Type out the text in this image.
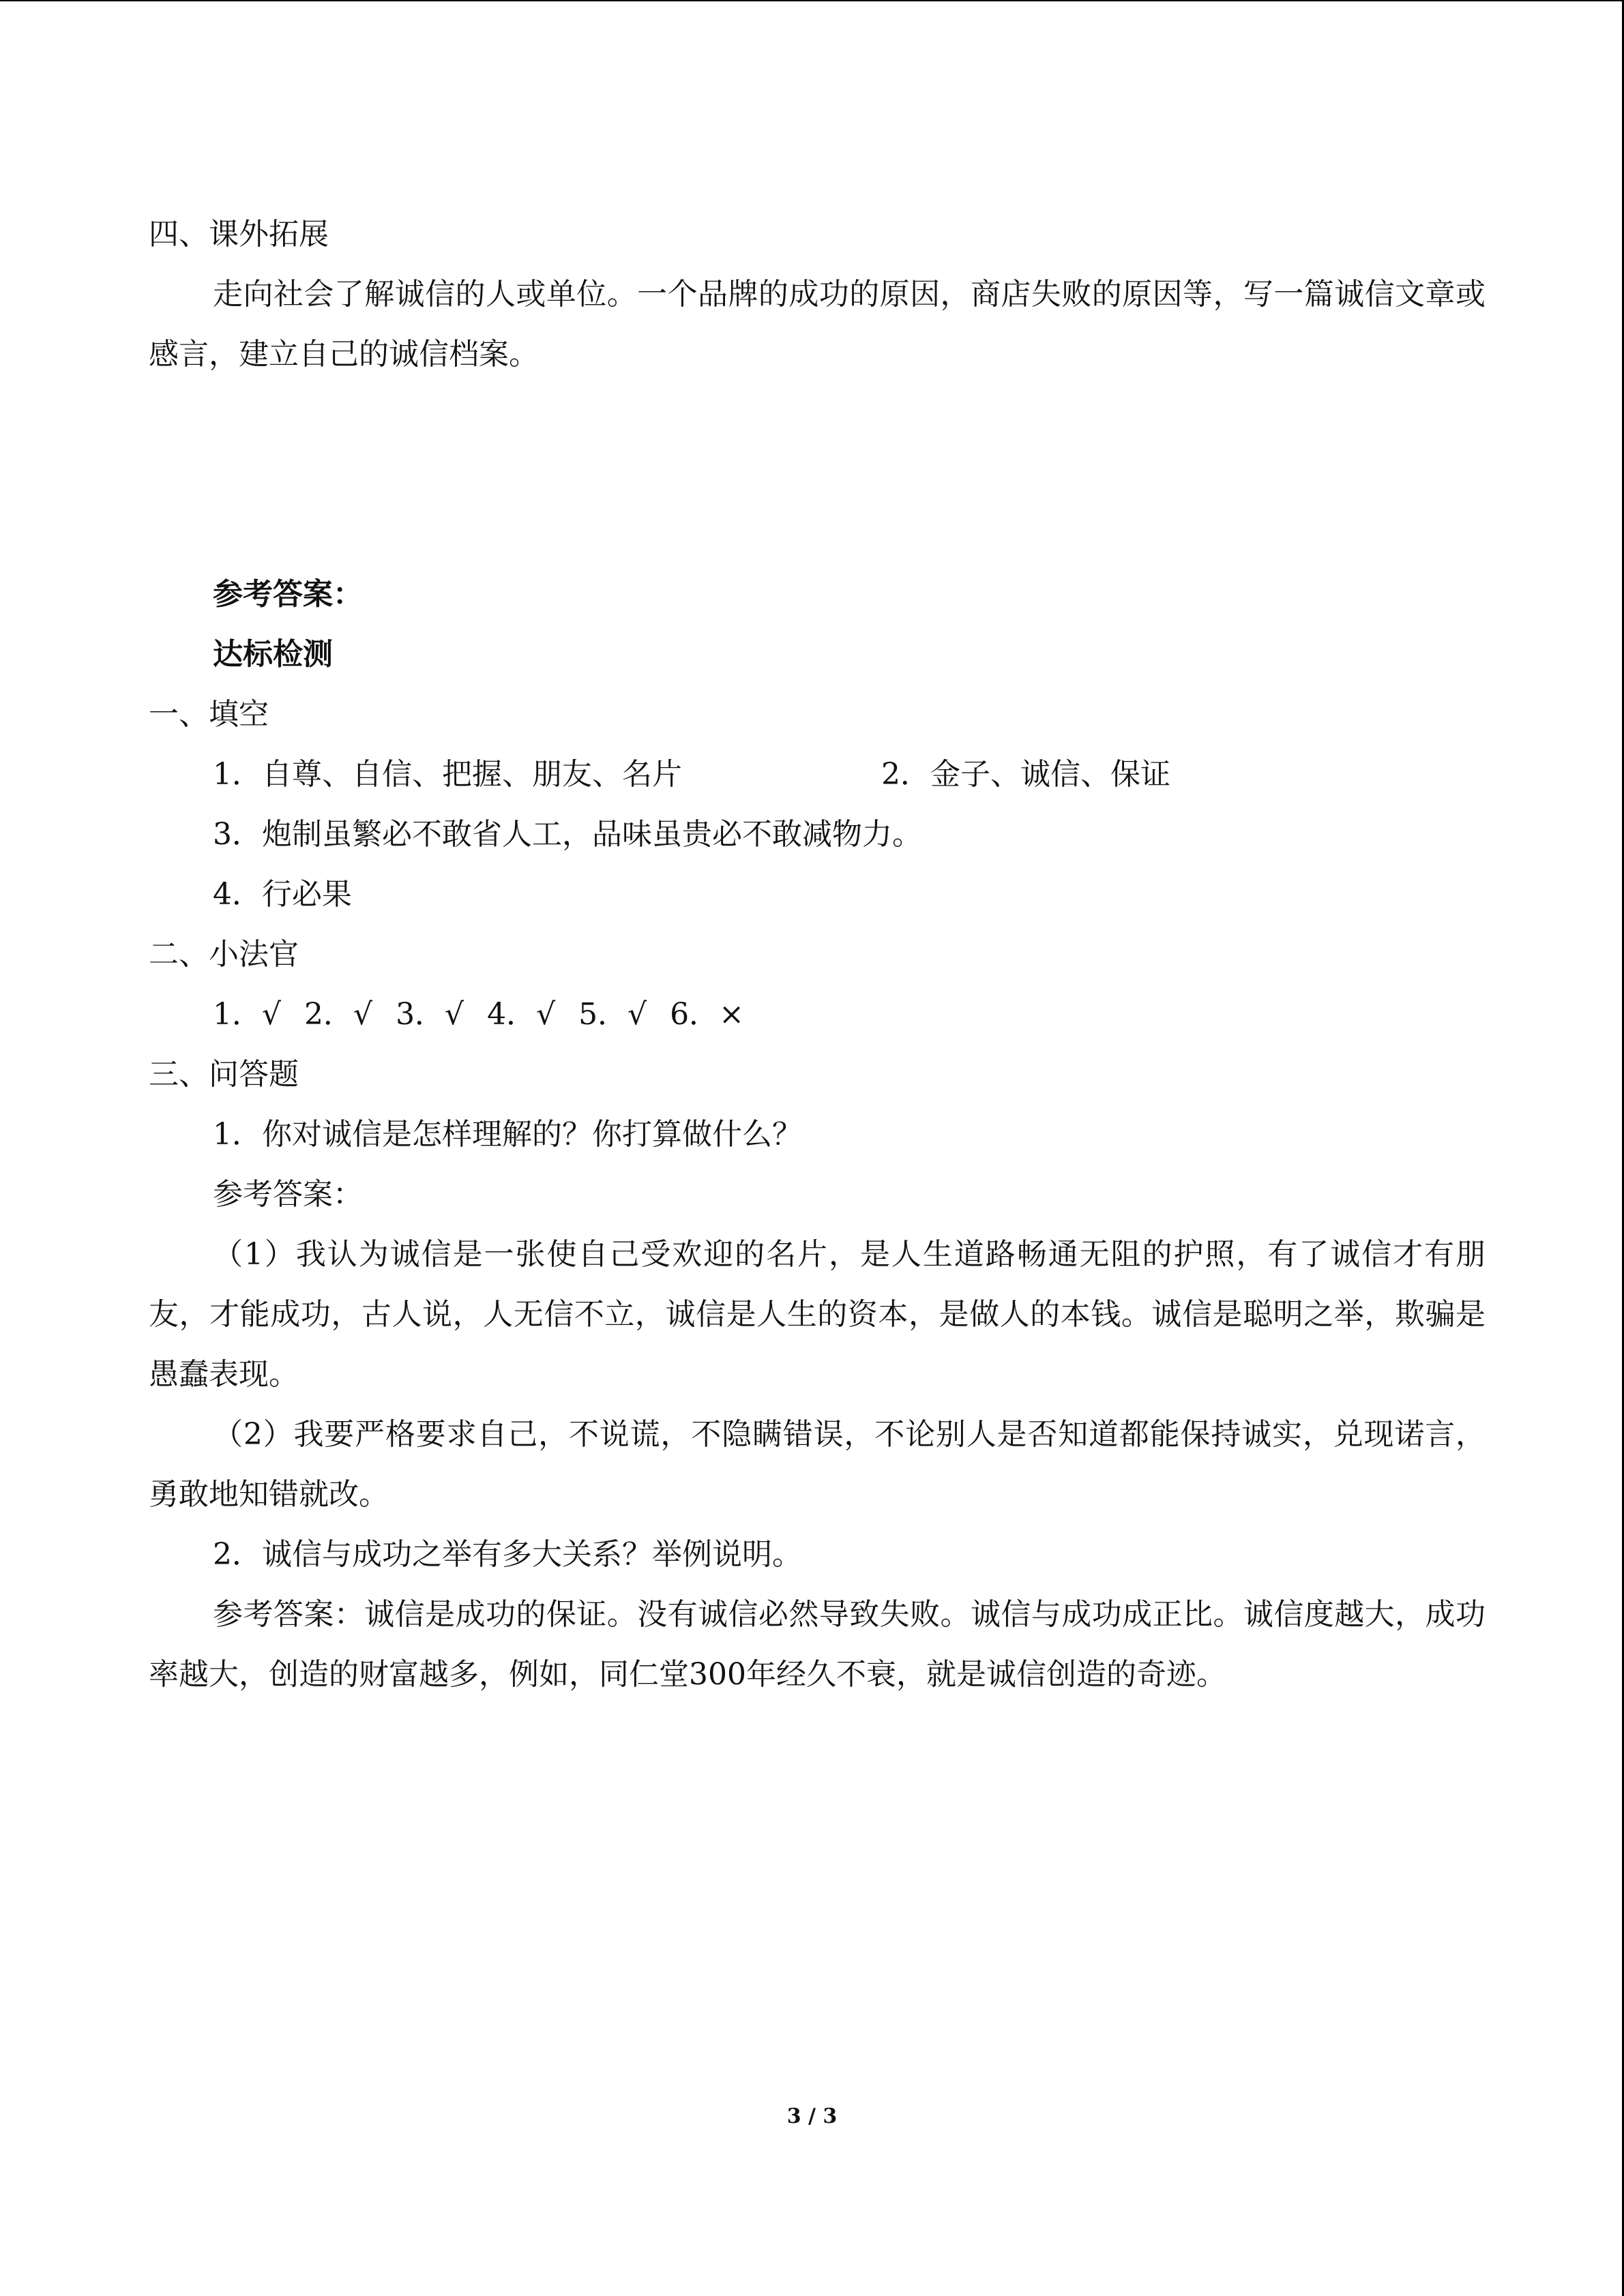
四、课外拓展

走向社会了解诚信的人或单位。一个品牌的成功的原因，商店失败的原因等，写一篇诚信文章或感言，建立自己的诚信档案。

参考答案：

达标检测

一、填空

1．自尊、自信、把握、朋友、名片	2．金子、诚信、保证

3．炮制虽繁必不敢省人工，品味虽贵必不敢减物力。

4．行必果

二、小法官

1．√ 2．√ 3．√ 4．√ 5．√ 6．×

三、问答题

1．你对诚信是怎样理解的？你打算做什么？

参考答案：

（1）我认为诚信是一张使自己受欢迎的名片，是人生道路畅通无阻的护照，有了诚信才有朋友，才能成功，古人说，人无信不立，诚信是人生的资本，是做人的本钱。诚信是聪明之举，欺骗是愚蠢表现。

（2）我要严格要求自己，不说谎，不隐瞒错误，不论别人是否知道都能保持诚实，兑现诺言，勇敢地知错就改。

2．诚信与成功之举有多大关系？举例说明。

参考答案：诚信是成功的保证。没有诚信必然导致失败。诚信与成功成正比。诚信度越大，成功率越大，创造的财富越多，例如，同仁堂300年经久不衰，就是诚信创造的奇迹。

3 / 3
